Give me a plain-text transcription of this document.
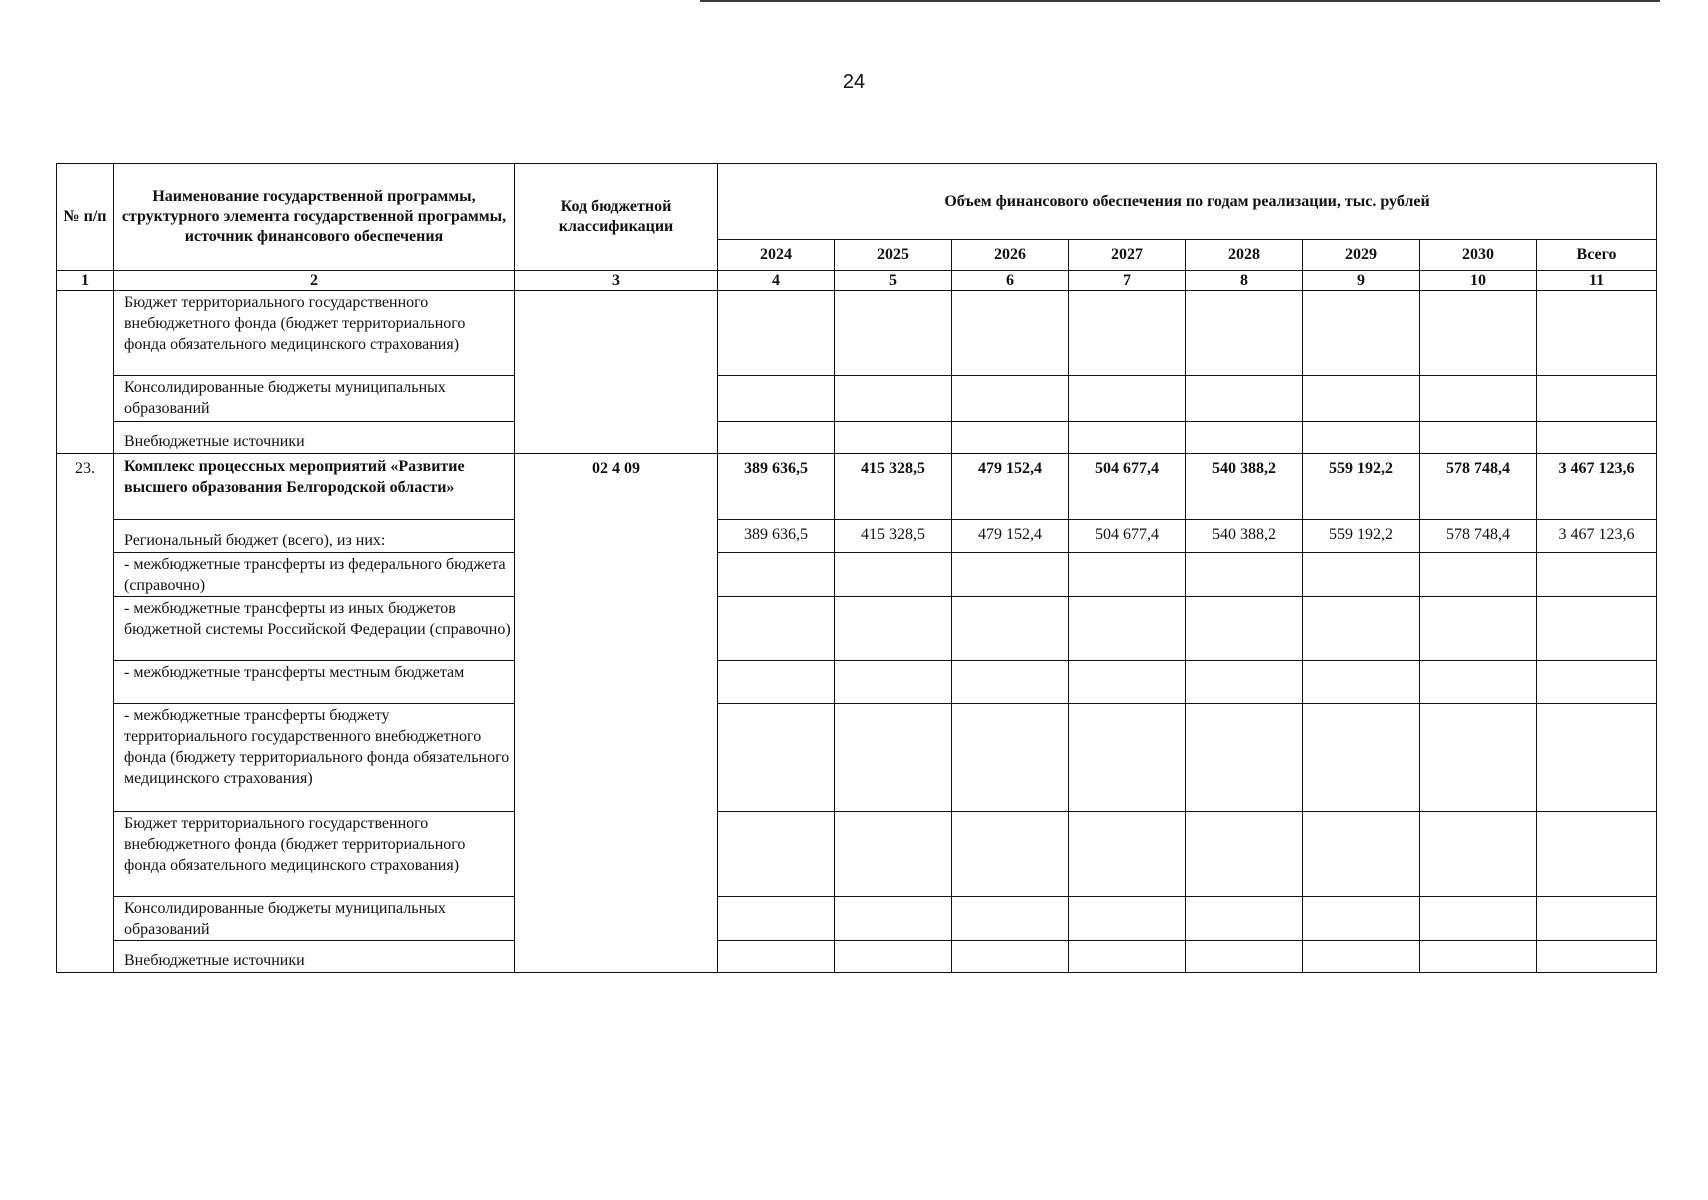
24
№ п/п	Наименование государственной программы, структурного элемента государственной программы, источник финансового обеспечения	Код бюджетной классификации	Объем финансового обеспечения по годам реализации, тыс. рублей							
			2024	2025	2026	2027	2028	2029	2030	Всего
1	2	3	4	5	6	7	8	9	10	11
	Бюджет территориального государственного внебюджетного фонда (бюджет территориального фонда обязательного медицинского страхования)									
	Консолидированные бюджеты муниципальных образований									
	Внебюджетные источники									
23.	Комплекс процессных мероприятий «Развитие высшего образования Белгородской области»	02 4 09	389 636,5	415 328,5	479 152,4	504 677,4	540 388,2	559 192,2	578 748,4	3 467 123,6
	Региональный бюджет (всего), из них:		389 636,5	415 328,5	479 152,4	504 677,4	540 388,2	559 192,2	578 748,4	3 467 123,6
	- межбюджетные трансферты из федерального бюджета (справочно)									
	- межбюджетные трансферты из иных бюджетов бюджетной системы Российской Федерации (справочно)									
	- межбюджетные трансферты местным бюджетам									
	- межбюджетные трансферты бюджету территориального государственного внебюджетного фонда (бюджету территориального фонда обязательного медицинского страхования)									
	Бюджет территориального государственного внебюджетного фонда (бюджет территориального фонда обязательного медицинского страхования)									
	Консолидированные бюджеты муниципальных образований									
	Внебюджетные источники									
